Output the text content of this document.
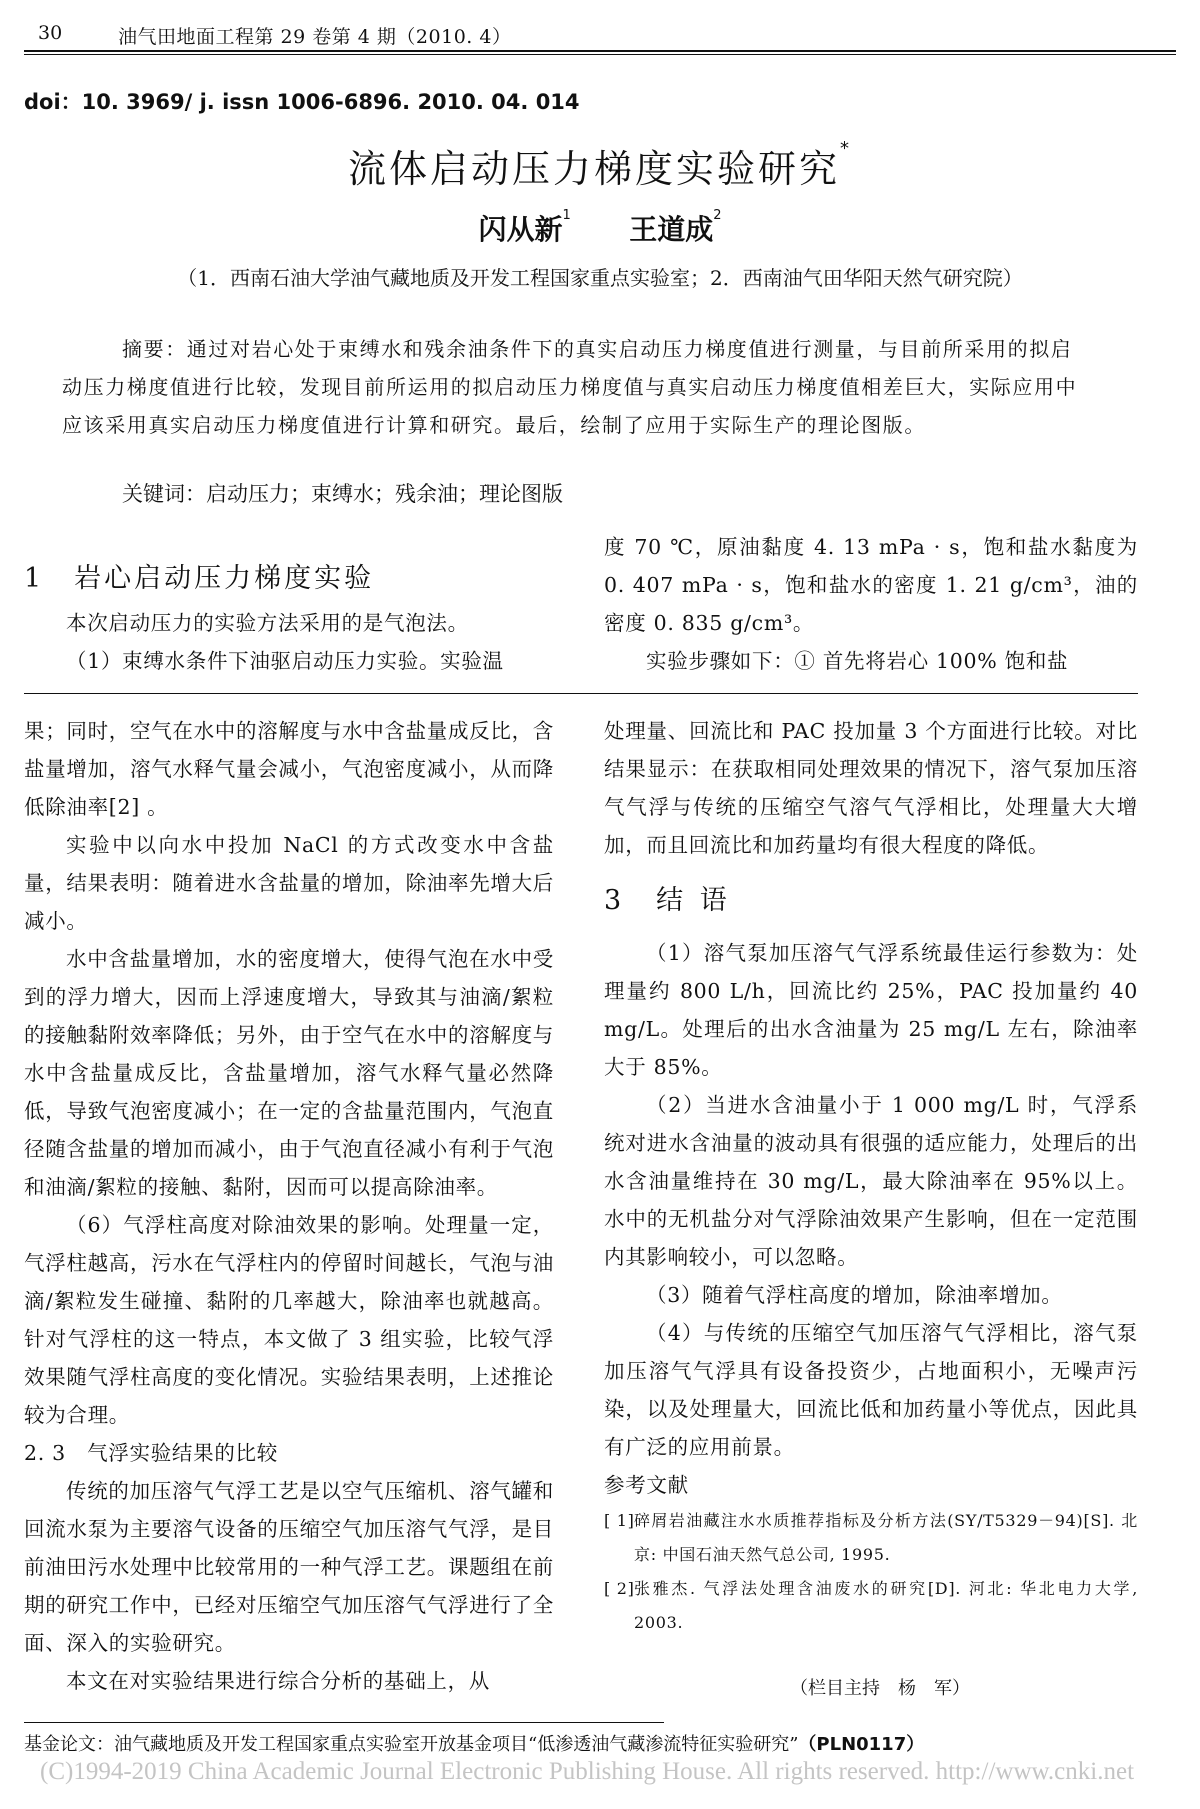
30	油气田地面工程第 29 卷第 4 期（2010. 4）
doi：10. 3969/ j. issn 1006-6896. 2010. 04. 014
流体启动压力梯度实验研究*
闪从新$^1$ 王道成$^2$
（1．西南石油大学油气藏地质及开发工程国家重点实验室；2．西南油气田华阳天然气研究院）
摘要：通过对岩心处于束缚水和残余油条件下的真实启动压力梯度值进行测量，与目前所采用的拟启动压力梯度值进行比较，发现目前所运用的拟启动压力梯度值与真实启动压力梯度值相差巨大，实际应用中应该采用真实启动压力梯度值进行计算和研究。最后，绘制了应用于实际生产的理论图版。
关键词：启动压力；束缚水；残余油；理论图版
1　岩心启动压力梯度实验

本次启动压力的实验方法采用的是气泡法。

（1）束缚水条件下油驱启动压力实验。实验温

度 70 ℃，原油黏度 4. 13 mPa · s，饱和盐水黏度为 0. 407 mPa · s，饱和盐水的密度 1. 21 g/cm³，油的密度 0. 835 g/cm³。

实验步骤如下：① 首先将岩心 100% 饱和盐

果；同时，空气在水中的溶解度与水中含盐量成反比，含盐量增加，溶气水释气量会减小，气泡密度减小，从而降低除油率[2] 。

实验中以向水中投加 NaCl 的方式改变水中含盐量，结果表明：随着进水含盐量的增加，除油率先增大后减小。

水中含盐量增加，水的密度增大，使得气泡在水中受到的浮力增大，因而上浮速度增大，导致其与油滴/絮粒的接触黏附效率降低；另外，由于空气在水中的溶解度与水中含盐量成反比，含盐量增加，溶气水释气量必然降低，导致气泡密度减小；在一定的含盐量范围内，气泡直径随含盐量的增加而减小，由于气泡直径减小有利于气泡和油滴/絮粒的接触、黏附，因而可以提高除油率。

（6）气浮柱高度对除油效果的影响。处理量一定，气浮柱越高，污水在气浮柱内的停留时间越长，气泡与油滴/絮粒发生碰撞、黏附的几率越大，除油率也就越高。针对气浮柱的这一特点，本文做了 3 组实验，比较气浮效果随气浮柱高度的变化情况。实验结果表明，上述推论较为合理。

2. 3　气浮实验结果的比较

传统的加压溶气气浮工艺是以空气压缩机、溶气罐和回流水泵为主要溶气设备的压缩空气加压溶气气浮，是目前油田污水处理中比较常用的一种气浮工艺。课题组在前期的研究工作中，已经对压缩空气加压溶气气浮进行了全面、深入的实验研究。

本文在对实验结果进行综合分析的基础上，从

处理量、回流比和 PAC 投加量 3 个方面进行比较。对比结果显示：在获取相同处理效果的情况下，溶气泵加压溶气气浮与传统的压缩空气溶气气浮相比，处理量大大增加，而且回流比和加药量均有很大程度的降低。

3　结 语

（1）溶气泵加压溶气气浮系统最佳运行参数为：处理量约 800 L/h，回流比约 25%，PAC 投加量约 40 mg/L。处理后的出水含油量为 25 mg/L 左右，除油率大于 85%。

（2）当进水含油量小于 1 000 mg/L 时，气浮系统对进水含油量的波动具有很强的适应能力，处理后的出水含油量维持在 30 mg/L，最大除油率在 95%以上。水中的无机盐分对气浮除油效果产生影响，但在一定范围内其影响较小，可以忽略。

（3）随着气浮柱高度的增加，除油率增加。

（4）与传统的压缩空气加压溶气气浮相比，溶气泵加压溶气气浮具有设备投资少，占地面积小，无噪声污染，以及处理量大，回流比低和加药量小等优点，因此具有广泛的应用前景。

参考文献
[ 1] 碎屑岩油藏注水水质推荐指标及分析方法(SY/T5329－94)[S]. 北京: 中国石油天然气总公司, 1995.
[ 2] 张雅杰. 气浮法处理含油废水的研究[D]. 河北: 华北电力大学, 2003.
（栏目主持　杨　军）
基金论文：油气藏地质及开发工程国家重点实验室开放基金项目“低渗透油气藏渗流特征实验研究”（PLN0117）
(C)1994-2019 China Academic Journal Electronic Publishing House. All rights reserved. http://www.cnki.net
